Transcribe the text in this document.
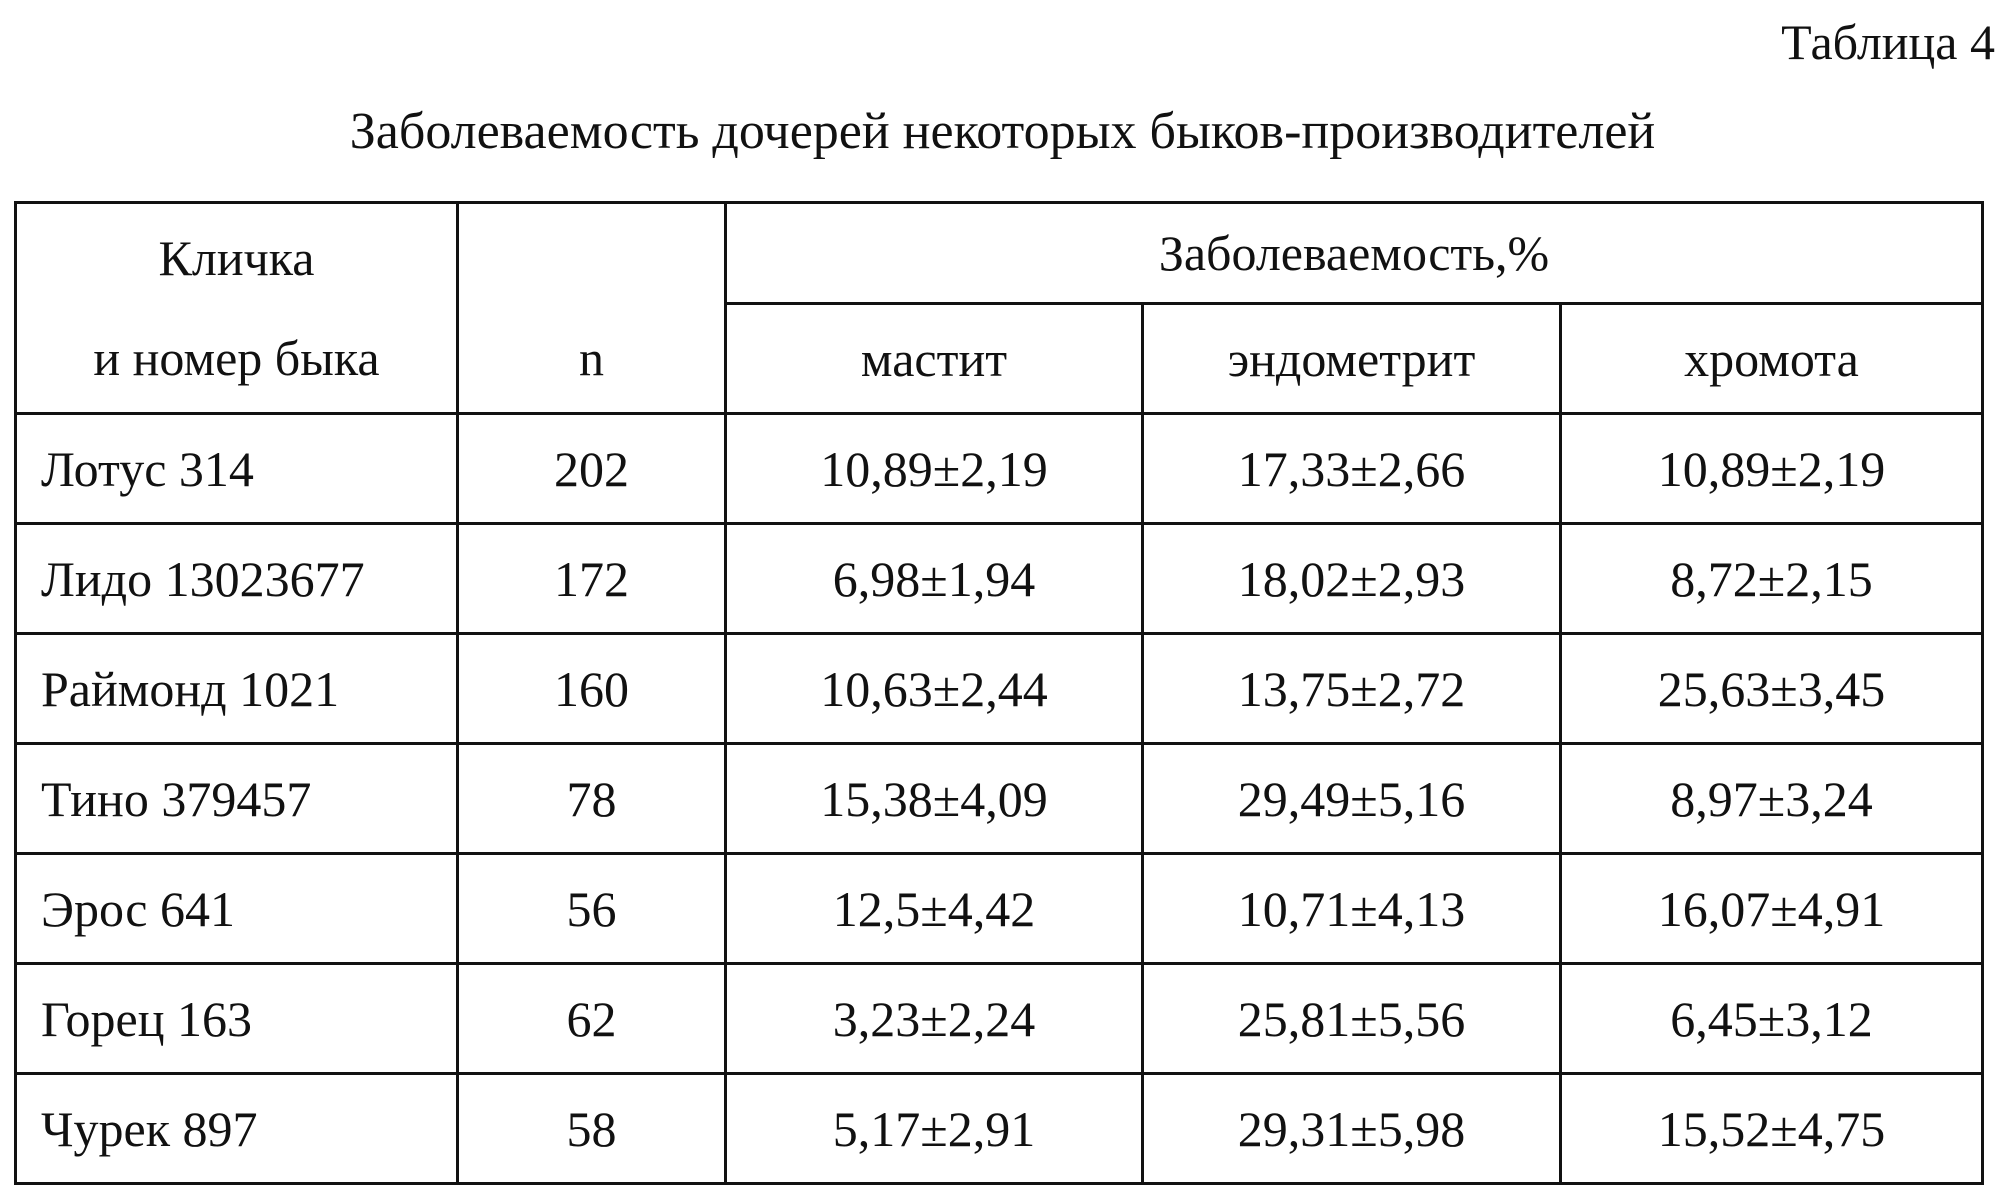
Таблица 4
Заболеваемость дочерей некоторых быков-производителей
Кличка
и номер быка	n	Заболеваемость,%		
		мастит	эндометрит	хромота
Лотус 314	202	10,89±2,19	17,33±2,66	10,89±2,19
Лидо 13023677	172	6,98±1,94	18,02±2,93	8,72±2,15
Раймонд 1021	160	10,63±2,44	13,75±2,72	25,63±3,45
Тино 379457	78	15,38±4,09	29,49±5,16	8,97±3,24
Эрос 641	56	12,5±4,42	10,71±4,13	16,07±4,91
Горец 163	62	3,23±2,24	25,81±5,56	6,45±3,12
Чурек 897	58	5,17±2,91	29,31±5,98	15,52±4,75
